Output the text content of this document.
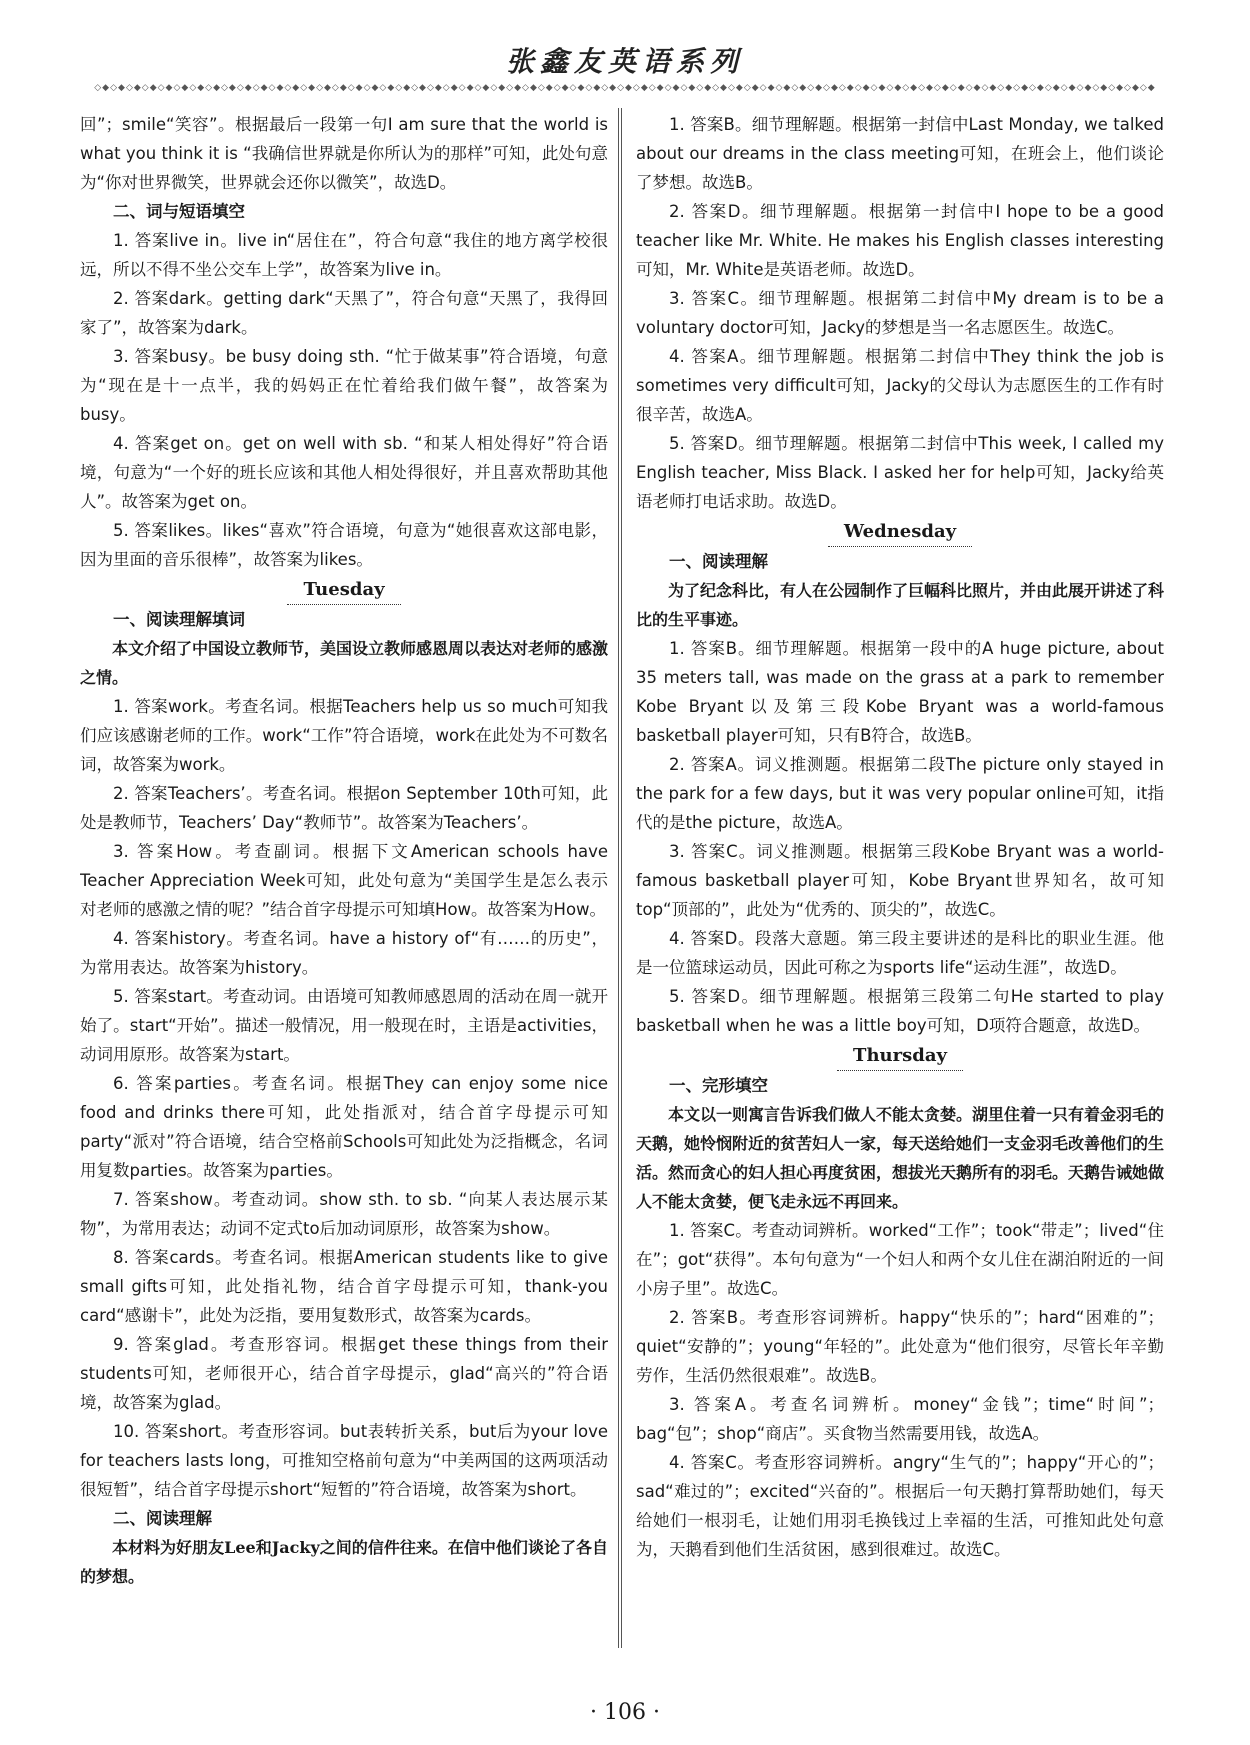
张鑫友英语系列
◇◆◇◆◇◆◇◆◇◆◇◆◇◆◇◆◇◆◇◆◇◆◇◆◇◆◇◆◇◆◇◆◇◆◇◆◇◆◇◆◇◆◇◆◇◆◇◆◇◆◇◆◇◆◇◆◇◆◇◆◇◆◇◆◇◆◇◆◇◆◇◆◇◆◇◆◇◆◇◆◇◆◇◆◇◆◇◆◇◆◇◆◇◆◇◆◇◆◇◆◇◆◇◆◇◆◇◆◇◆◇◆◇◆◇◆◇◆◇◆◇◆◇◆◇◆◇◆◇◆◇◆◇◆

回”；smile“笑容”。根据最后一段第一句I am sure that the world is what you think it is “我确信世界就是你所认为的那样”可知，此处句意为“你对世界微笑，世界就会还你以微笑”，故选D。

二、词与短语填空

1. 答案live in。live in“居住在”，符合句意“我住的地方离学校很远，所以不得不坐公交车上学”，故答案为live in。

2. 答案dark。getting dark“天黑了”，符合句意“天黑了，我得回家了”，故答案为dark。

3. 答案busy。be busy doing sth. “忙于做某事”符合语境，句意为“现在是十一点半，我的妈妈正在忙着给我们做午餐”，故答案为 busy。

4. 答案get on。get on well with sb. “和某人相处得好”符合语境，句意为“一个好的班长应该和其他人相处得很好，并且喜欢帮助其他人”。故答案为get on。

5. 答案likes。likes“喜欢”符合语境，句意为“她很喜欢这部电影，因为里面的音乐很棒”，故答案为likes。

Tuesday

一、阅读理解填词

本文介绍了中国设立教师节，美国设立教师感恩周以表达对老师的感激之情。

1. 答案work。考查名词。根据Teachers help us so much可知我们应该感谢老师的工作。work“工作”符合语境，work在此处为不可数名词，故答案为work。

2. 答案Teachers’。考查名词。根据on September 10th可知，此处是教师节，Teachers’ Day“教师节”。故答案为Teachers’。

3. 答案How。考查副词。根据下文American schools have Teacher Appreciation Week可知，此处句意为“美国学生是怎么表示对老师的感激之情的呢？”结合首字母提示可知填How。故答案为How。

4. 答案history。考查名词。have a history of“有……的历史”，为常用表达。故答案为history。

5. 答案start。考查动词。由语境可知教师感恩周的活动在周一就开始了。start“开始”。描述一般情况，用一般现在时，主语是activities，动词用原形。故答案为start。

6. 答案parties。考查名词。根据They can enjoy some nice food and drinks there可知，此处指派对，结合首字母提示可知party“派对”符合语境，结合空格前Schools可知此处为泛指概念，名词用复数parties。故答案为parties。

7. 答案show。考查动词。show sth. to sb. “向某人表达展示某物”，为常用表达；动词不定式to后加动词原形，故答案为show。

8. 答案cards。考查名词。根据American students like to give small gifts可知，此处指礼物，结合首字母提示可知，thank-you card“感谢卡”，此处为泛指，要用复数形式，故答案为cards。

9. 答案glad。考查形容词。根据get these things from their students可知，老师很开心，结合首字母提示，glad“高兴的”符合语境，故答案为glad。

10. 答案short。考查形容词。but表转折关系，but后为your love for teachers lasts long，可推知空格前句意为“中美两国的这两项活动很短暂”，结合首字母提示short“短暂的”符合语境，故答案为short。

二、阅读理解

本材料为好朋友Lee和Jacky之间的信件往来。在信中他们谈论了各自的梦想。

1. 答案B。细节理解题。根据第一封信中Last Monday, we talked about our dreams in the class meeting可知，在班会上，他们谈论了梦想。故选B。

2. 答案D。细节理解题。根据第一封信中I hope to be a good teacher like Mr. White. He makes his English classes interesting可知，Mr. White是英语老师。故选D。

3. 答案C。细节理解题。根据第二封信中My dream is to be a voluntary doctor可知，Jacky的梦想是当一名志愿医生。故选C。

4. 答案A。细节理解题。根据第二封信中They think the job is sometimes very difficult可知，Jacky的父母认为志愿医生的工作有时很辛苦，故选A。

5. 答案D。细节理解题。根据第二封信中This week, I called my English teacher, Miss Black. I asked her for help可知，Jacky给英语老师打电话求助。故选D。

Wednesday

一、阅读理解

为了纪念科比，有人在公园制作了巨幅科比照片，并由此展开讲述了科比的生平事迹。

1. 答案B。细节理解题。根据第一段中的A huge picture, about 35 meters tall, was made on the grass at a park to remember Kobe Bryant以及第三段Kobe Bryant was a world-famous basketball player可知，只有B符合，故选B。

2. 答案A。词义推测题。根据第二段The picture only stayed in the park for a few days, but it was very popular online可知，it指代的是the picture，故选A。

3. 答案C。词义推测题。根据第三段Kobe Bryant was a world-famous basketball player可知，Kobe Bryant世界知名，故可知top“顶部的”，此处为“优秀的、顶尖的”，故选C。

4. 答案D。段落大意题。第三段主要讲述的是科比的职业生涯。他是一位篮球运动员，因此可称之为sports life“运动生涯”，故选D。

5. 答案D。细节理解题。根据第三段第二句He started to play basketball when he was a little boy可知，D项符合题意，故选D。

Thursday

一、完形填空

本文以一则寓言告诉我们做人不能太贪婪。湖里住着一只有着金羽毛的天鹅，她怜悯附近的贫苦妇人一家，每天送给她们一支金羽毛改善他们的生活。然而贪心的妇人担心再度贫困，想拔光天鹅所有的羽毛。天鹅告诫她做人不能太贪婪，便飞走永远不再回来。

1. 答案C。考查动词辨析。worked“工作”；took“带走”；lived“住在”；got“获得”。本句句意为“一个妇人和两个女儿住在湖泊附近的一间小房子里”。故选C。

2. 答案B。考查形容词辨析。happy“快乐的”；hard“困难的”；quiet“安静的”；young“年轻的”。此处意为“他们很穷，尽管长年辛勤劳作，生活仍然很艰难”。故选B。

3. 答案A。考查名词辨析。money“金钱”；time“时间”；bag“包”；shop“商店”。买食物当然需要用钱，故选A。

4. 答案C。考查形容词辨析。angry“生气的”；happy“开心的”；sad“难过的”；excited“兴奋的”。根据后一句天鹅打算帮助她们，每天给她们一根羽毛，让她们用羽毛换钱过上幸福的生活，可推知此处句意为，天鹅看到他们生活贫困，感到很难过。故选C。

· 106 ·
